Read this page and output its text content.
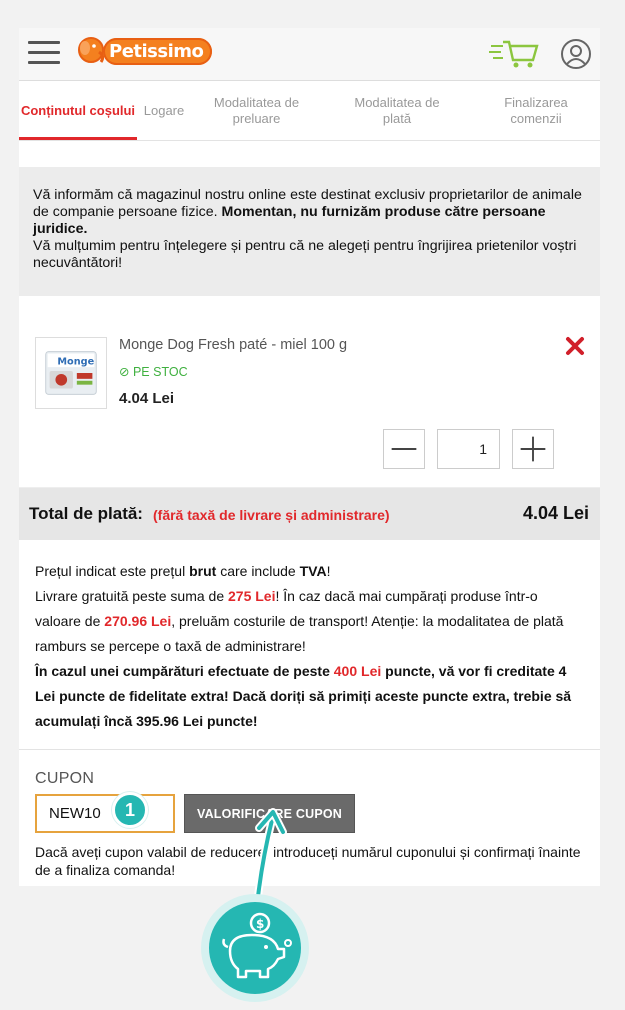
Petissimo
Conținutul coșului Logare
Modalitatea de preluare
Modalitatea de plată
Finalizarea comenzii
Vă informăm că magazinul nostru online este destinat exclusiv proprietarilor de animale de companie persoane fizice. Momentan, nu furnizăm produse către persoane juridice.
Vă mulțumim pentru înțelegere și pentru că ne alegeți pentru îngrijirea prietenilor voștri necuvântători!
Monge
Monge Dog Fresh paté - miel 100 g
⊘ PE STOC
4.04 Lei
1
Total de plată: (fără taxă de livrare și administrare)	4.04 Lei
Prețul indicat este prețul brut care include TVA!
Livrare gratuită peste suma de 275 Lei! În caz dacă mai cumpărați produse într-o valoare de 270.96 Lei, preluăm costurile de transport! Atenție: la modalitatea de plată ramburs se percepe o taxă de administrare!
În cazul unei cumpărături efectuate de peste 400 Lei puncte, vă vor fi creditate 4 Lei puncte de fidelitate extra! Dacă doriți să primiți aceste puncte extra, trebie să acumulați încă 395.96 Lei puncte!
CUPON
NEW10
VALORIFICARE CUPON
Dacă aveți cupon valabil de reducere, introduceți numărul cuponului și confirmați înainte de a finaliza comanda!
1
$
